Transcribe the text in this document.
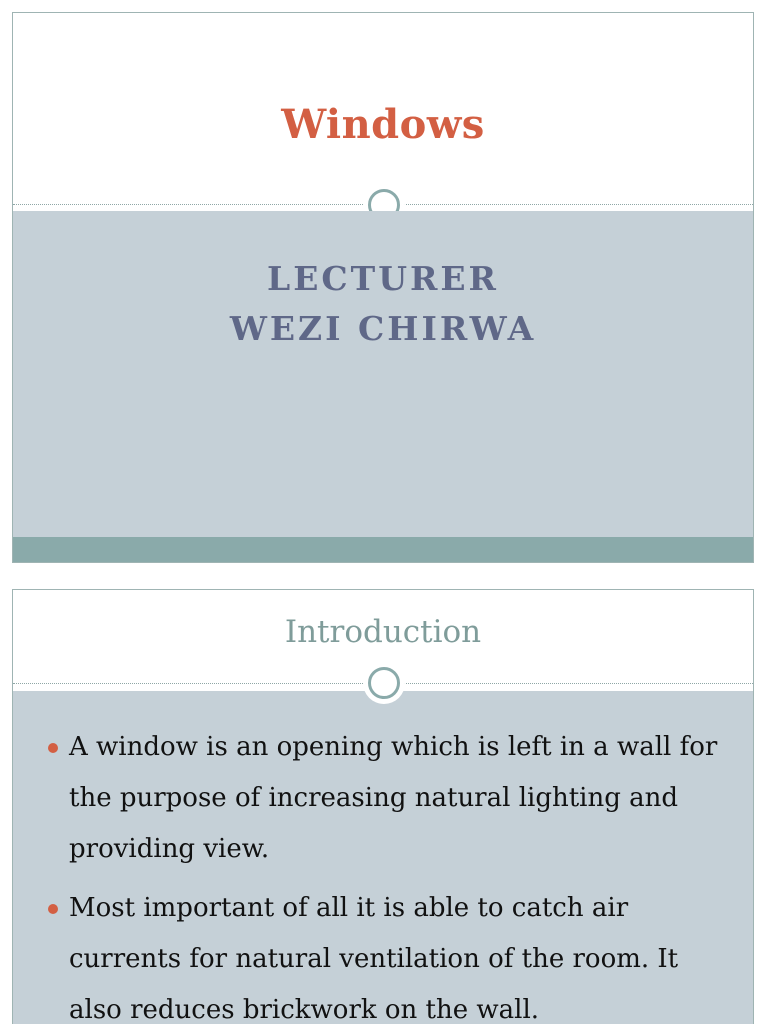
Windows
LECTURER
WEZI CHIRWA
Introduction
A window is an opening which is left in a wall for the purpose of increasing natural lighting and providing view.
Most important of all it is able to catch air currents for natural ventilation of the room. It also reduces brickwork on the wall.
